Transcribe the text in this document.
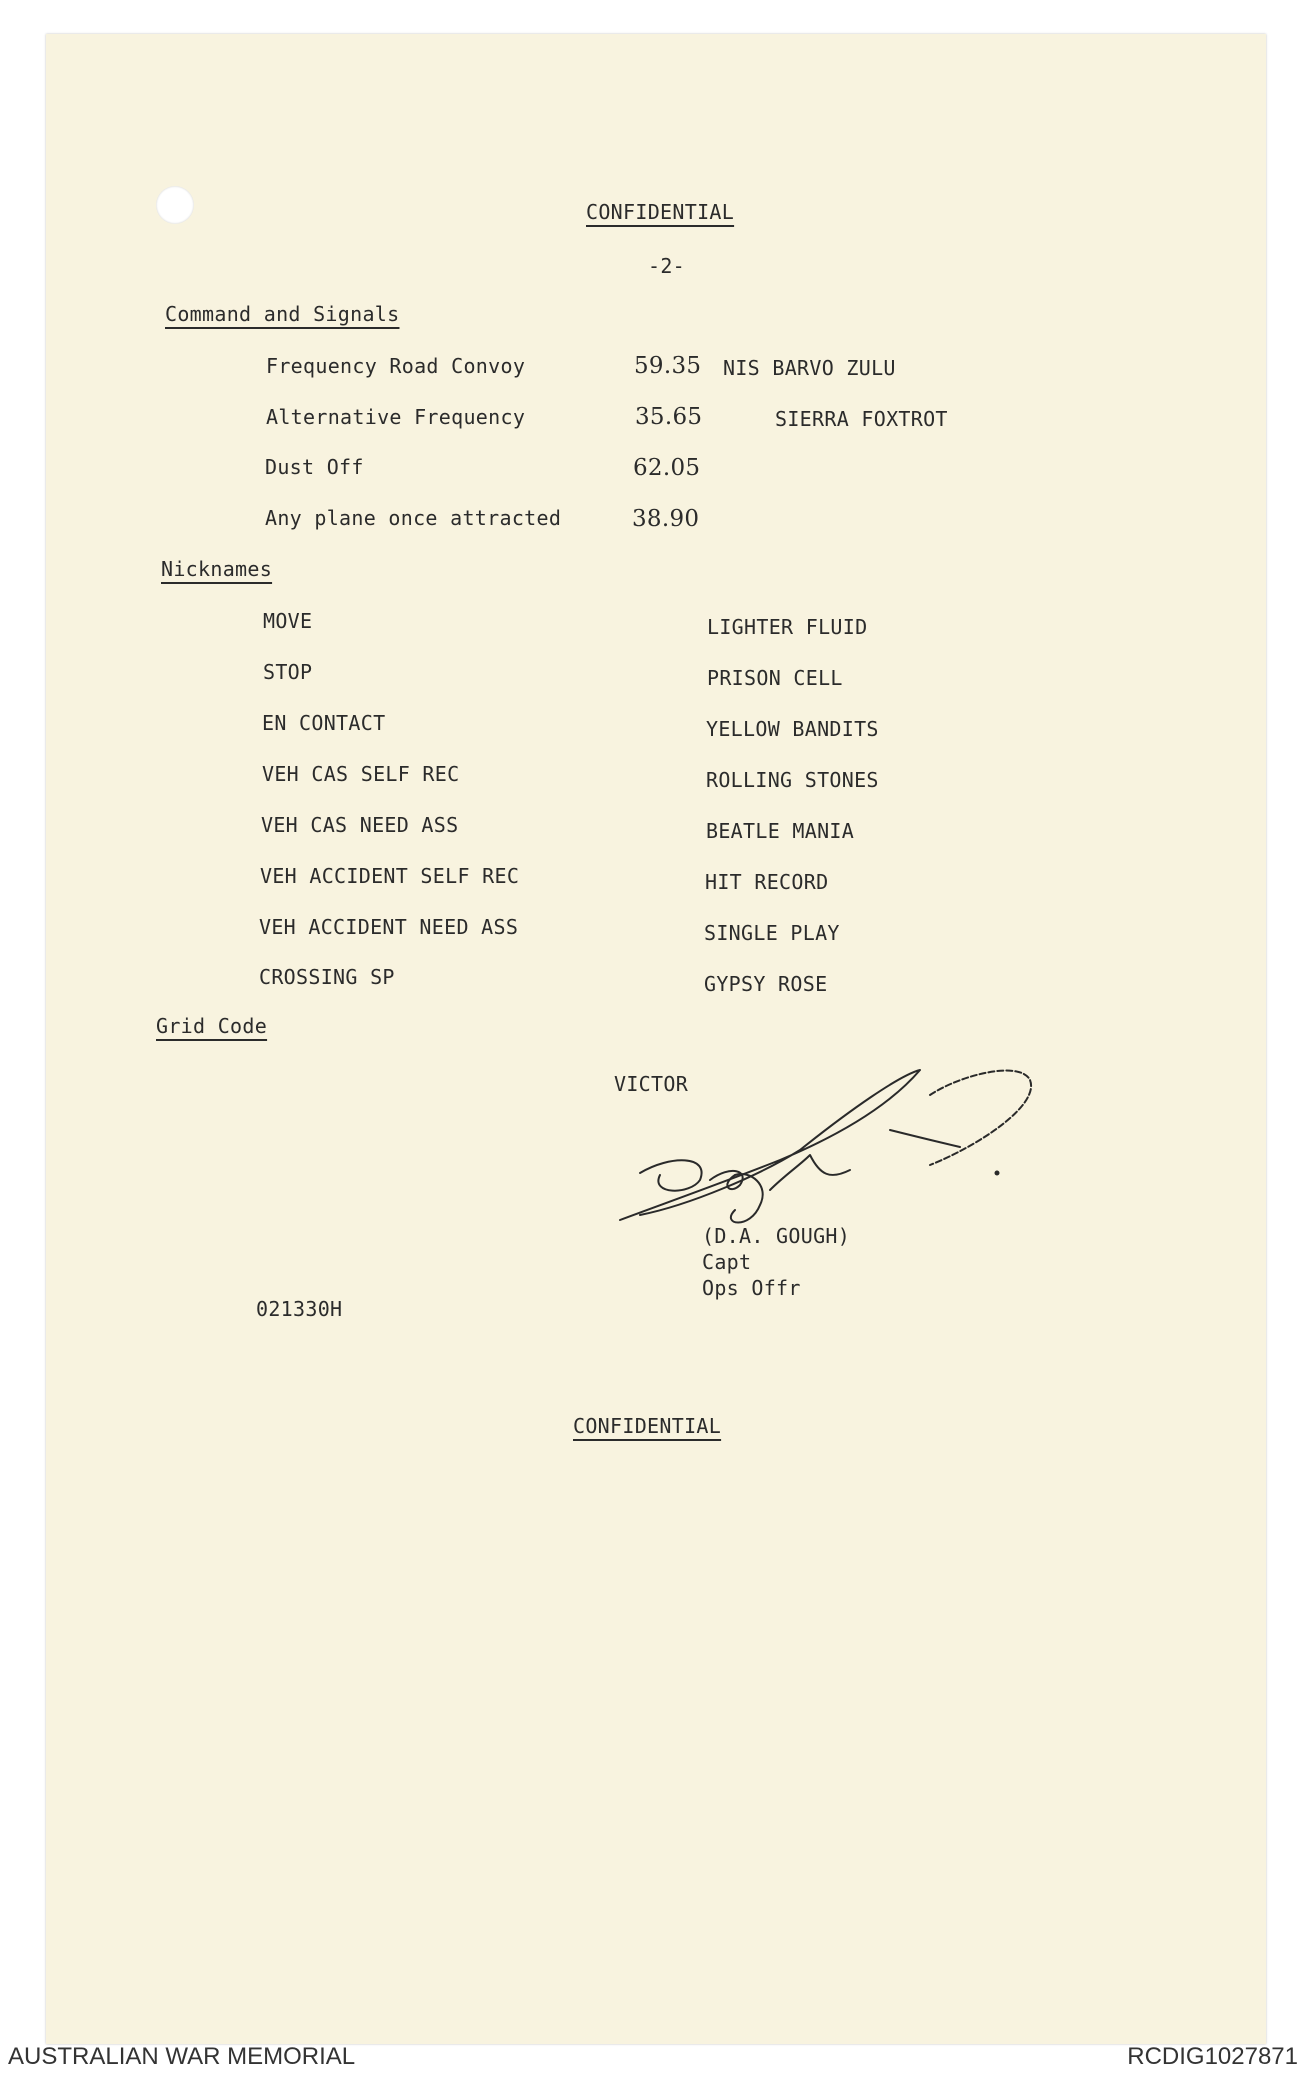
CONFIDENTIAL
-2-
Command and Signals
Frequency Road Convoy	59.35 NIS BARVO ZULU
Alternative Frequency	35.65	SIERRA FOXTROT
Dust Off	62.05
Any plane once attracted	38.90
Nicknames
MOVE	LIGHTER FLUID
STOP	PRISON CELL
EN CONTACT	YELLOW BANDITS
VEH CAS SELF REC	ROLLING STONES
VEH CAS NEED ASS	BEATLE MANIA
VEH ACCIDENT SELF REC	HIT RECORD
VEH ACCIDENT NEED ASS	SINGLE PLAY
CROSSING SP	GYPSY ROSE
Grid Code
VICTOR
(D.A. GOUGH)
Capt
Ops Offr
021330H
CONFIDENTIAL
AUSTRALIAN WAR MEMORIAL	RCDIG1027871
